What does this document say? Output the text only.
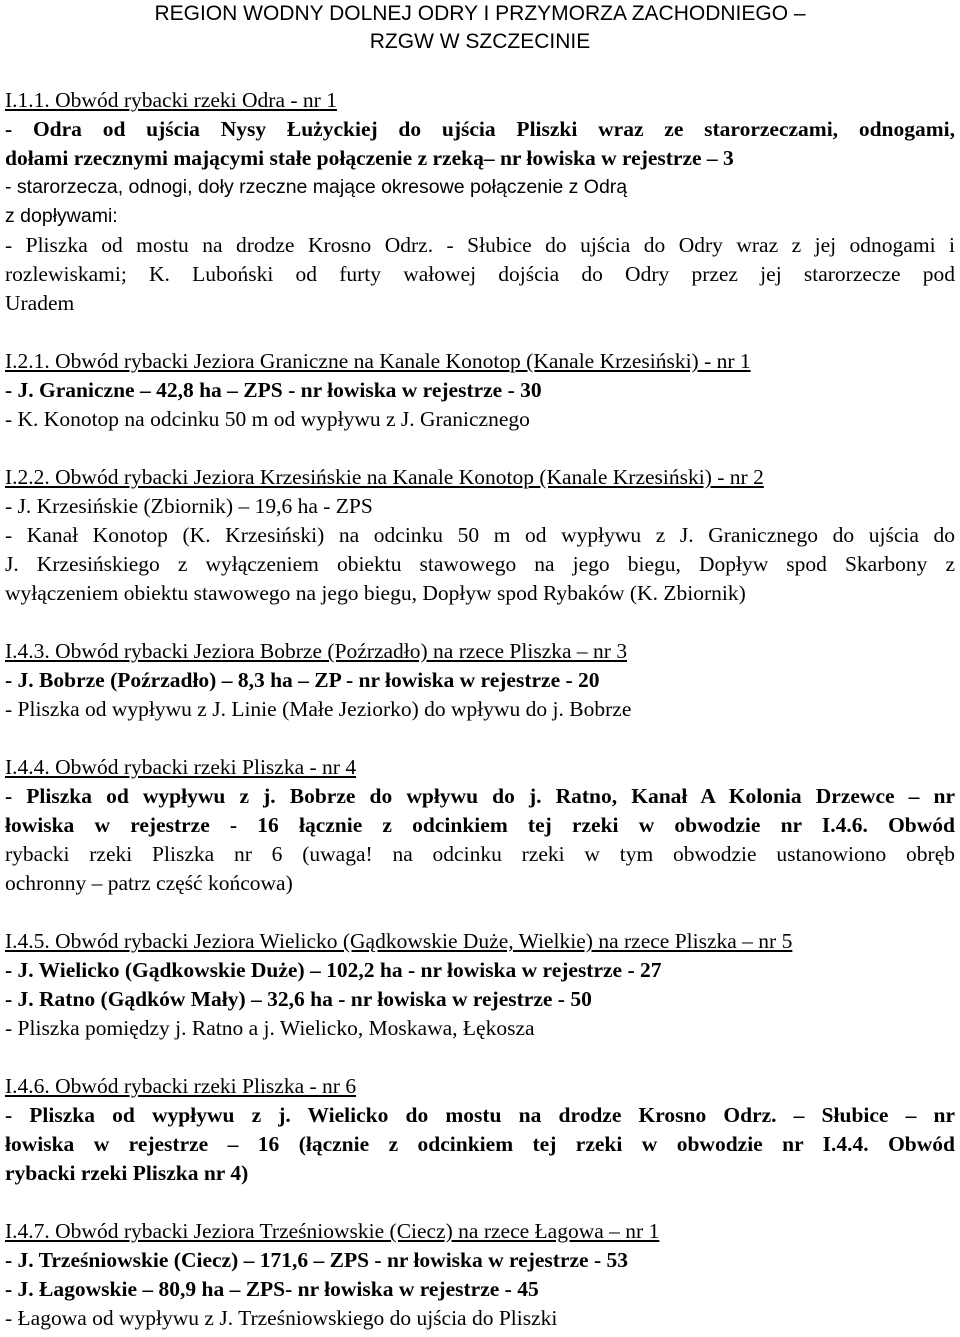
REGION WODNY DOLNEJ ODRY I PRZYMORZA ZACHODNIEGO –
RZGW W SZCZECINIE
I.1.1. Obwód rybacki rzeki Odra - nr 1
- Odra od ujścia Nysy Łużyckiej do ujścia Pliszki wraz ze starorzeczami, odnogami,
dołami rzecznymi mającymi stałe połączenie z rzeką– nr łowiska w rejestrze – 3
- starorzecza, odnogi, doły rzeczne mające okresowe połączenie z Odrą
z dopływami:
- Pliszka od mostu na drodze Krosno Odrz. - Słubice do ujścia do Odry wraz z jej odnogami i
rozlewiskami; K. Luboński od furty wałowej dojścia do Odry przez jej starorzecze pod
Uradem
I.2.1. Obwód rybacki Jeziora Graniczne na Kanale Konotop (Kanale Krzesiński) - nr 1
- J. Graniczne – 42,8 ha – ZPS - nr łowiska w rejestrze - 30
- K. Konotop na odcinku 50 m od wypływu z J. Granicznego
I.2.2. Obwód rybacki Jeziora Krzesińskie na Kanale Konotop (Kanale Krzesiński) - nr 2
- J. Krzesińskie (Zbiornik) – 19,6 ha - ZPS
- Kanał Konotop (K. Krzesiński) na odcinku 50 m od wypływu z J. Granicznego do ujścia do
J. Krzesińskiego z wyłączeniem obiektu stawowego na jego biegu, Dopływ spod Skarbony z
wyłączeniem obiektu stawowego na jego biegu, Dopływ spod Rybaków (K. Zbiornik)
I.4.3. Obwód rybacki Jeziora Bobrze (Poźrzadło) na rzece Pliszka – nr 3
- J. Bobrze (Poźrzadło) – 8,3 ha – ZP - nr łowiska w rejestrze - 20
- Pliszka od wypływu z J. Linie (Małe Jeziorko) do wpływu do j. Bobrze
I.4.4. Obwód rybacki rzeki Pliszka - nr 4
- Pliszka od wypływu z j. Bobrze do wpływu do j. Ratno, Kanał A Kolonia Drzewce – nr
łowiska w rejestrze - 16 łącznie z odcinkiem tej rzeki w obwodzie nr I.4.6. Obwód
rybacki rzeki Pliszka nr 6 (uwaga! na odcinku rzeki w tym obwodzie ustanowiono obręb
ochronny – patrz część końcowa)
I.4.5. Obwód rybacki Jeziora Wielicko (Gądkowskie Duże, Wielkie) na rzece Pliszka – nr 5
- J. Wielicko (Gądkowskie Duże) – 102,2 ha - nr łowiska w rejestrze - 27
- J. Ratno (Gądków Mały) – 32,6 ha - nr łowiska w rejestrze - 50
- Pliszka pomiędzy j. Ratno a j. Wielicko, Moskawa, Łękosza
I.4.6. Obwód rybacki rzeki Pliszka - nr 6
- Pliszka od wypływu z j. Wielicko do mostu na drodze Krosno Odrz. – Słubice – nr
łowiska w rejestrze – 16 (łącznie z odcinkiem tej rzeki w obwodzie nr I.4.4. Obwód
rybacki rzeki Pliszka nr 4)
I.4.7. Obwód rybacki Jeziora Trześniowskie (Ciecz) na rzece Łagowa – nr 1
- J. Trześniowskie (Ciecz) – 171,6 – ZPS - nr łowiska w rejestrze - 53
- J. Łagowskie – 80,9 ha – ZPS- nr łowiska w rejestrze - 45
- Łagowa od wypływu z J. Trześniowskiego do ujścia do Pliszki
